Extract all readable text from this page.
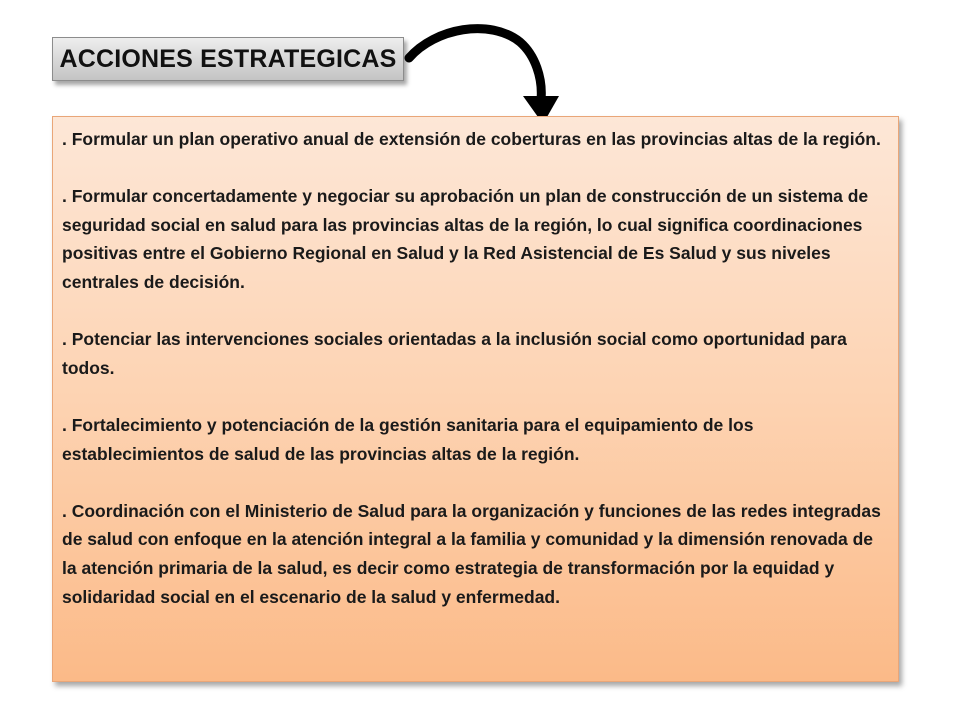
ACCIONES ESTRATEGICAS

. Formular un plan operativo anual de extensión de coberturas en las provincias altas de la región.

. Formular concertadamente y negociar su aprobación un plan de construcción de un sistema de seguridad social en salud para las provincias altas de la región, lo cual significa coordinaciones positivas entre el Gobierno Regional en Salud y la Red Asistencial de Es Salud y sus niveles centrales de decisión.

. Potenciar las intervenciones sociales orientadas a la inclusión social como oportunidad para todos.

. Fortalecimiento y potenciación de la gestión sanitaria para el equipamiento de los establecimientos de salud de las provincias altas de la región.

. Coordinación con el Ministerio de Salud para la organización y funciones de las redes integradas de salud con enfoque en la atención integral a la familia y comunidad y la dimensión renovada de la atención primaria de la salud, es decir como estrategia de transformación por la equidad y solidaridad social en el escenario de la salud y enfermedad.
